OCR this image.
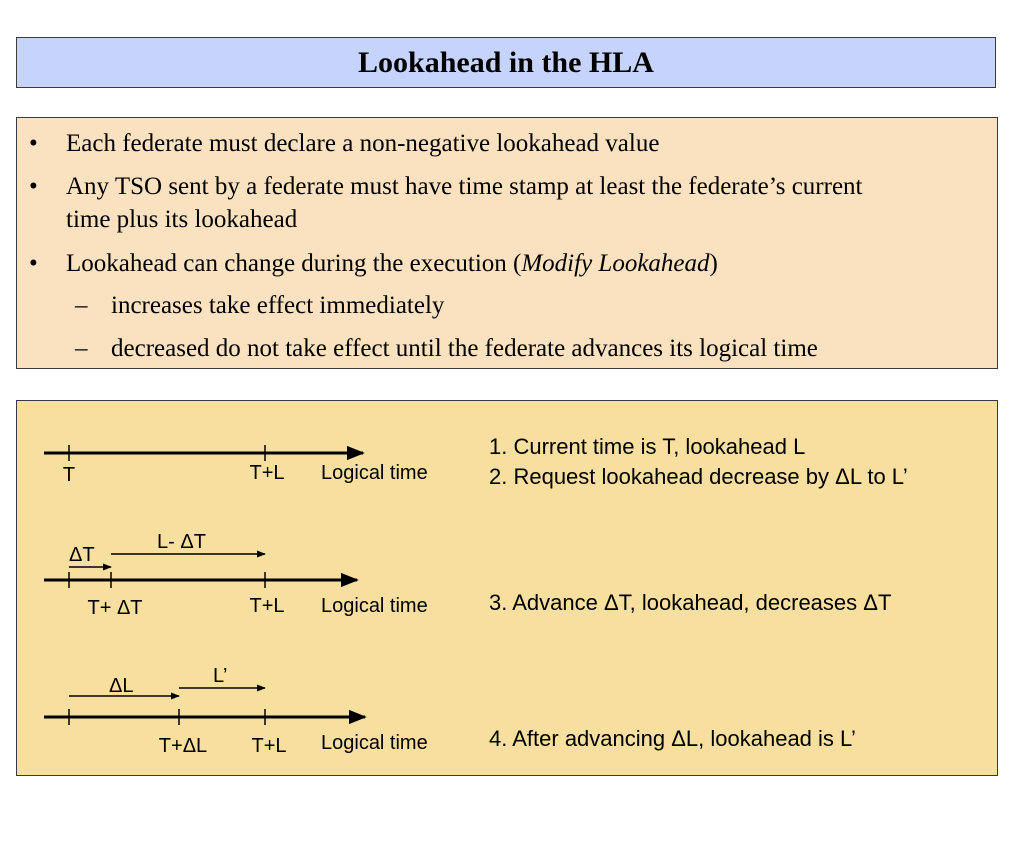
Lookahead in the HLA
• Each federate must declare a non-negative lookahead value
• Any TSO sent by a federate must have time stamp at least the federate’s current
time plus its lookahead
• Lookahead can change during the execution (Modify Lookahead)
– increases take effect immediately
– decreased do not take effect until the federate advances its logical time
T	T+L Logical time
ΔT
L- ΔT
T+ ΔT	T+L Logical time
ΔL	L’
T+ΔL T+L Logical time
1. Current time is T, lookahead L
2. Request lookahead decrease by ΔL to L’
3. Advance ΔT, lookahead, decreases ΔT
4. After advancing ΔL, lookahead is L’
